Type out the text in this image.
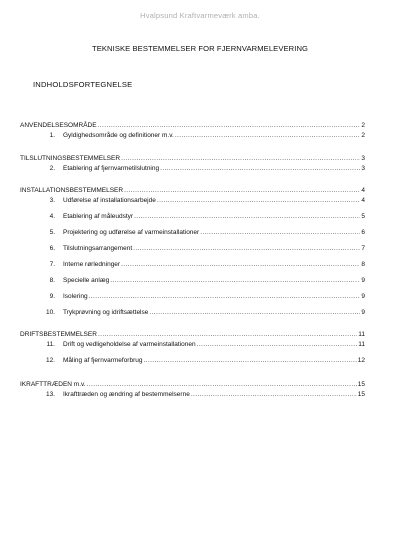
Hvalpsund Kraftvarmeværk amba.
TEKNISKE BESTEMMELSER FOR FJERNVARMELEVERING
INDHOLDSFORTEGNELSE
ANVENDELSESOMRÅDE .....	2
1.	Gyldighedsområde og definitioner m.v. .....	2
TILSLUTNINGSBESTEMMELSER .....	3
2.	Etablering af fjernvarmetilslutning .....	3
INSTALLATIONSBESTEMMELSER .....	4
3.	Udførelse af installationsarbejde .....	4
4.	Etablering af måleudstyr .....	5
5.	Projektering og udførelse af varmeinstallationer .....	6
6.	Tilslutningsarrangement .....	7
7.	Interne rørledninger .....	8
8.	Specielle anlæg .....	9
9.	Isolering .....	9
10.	Trykprøvning og idriftsættelse .....	9
DRIFTSBESTEMMELSER .....	11
11.	Drift og vedligeholdelse af varmeinstallationen .....	11
12.	Måling af fjernvarmeforbrug .....	12
IKRAFTTRÆDEN m.v. .....	15
13.	Ikrafttræden og ændring af bestemmelserne .....	15
